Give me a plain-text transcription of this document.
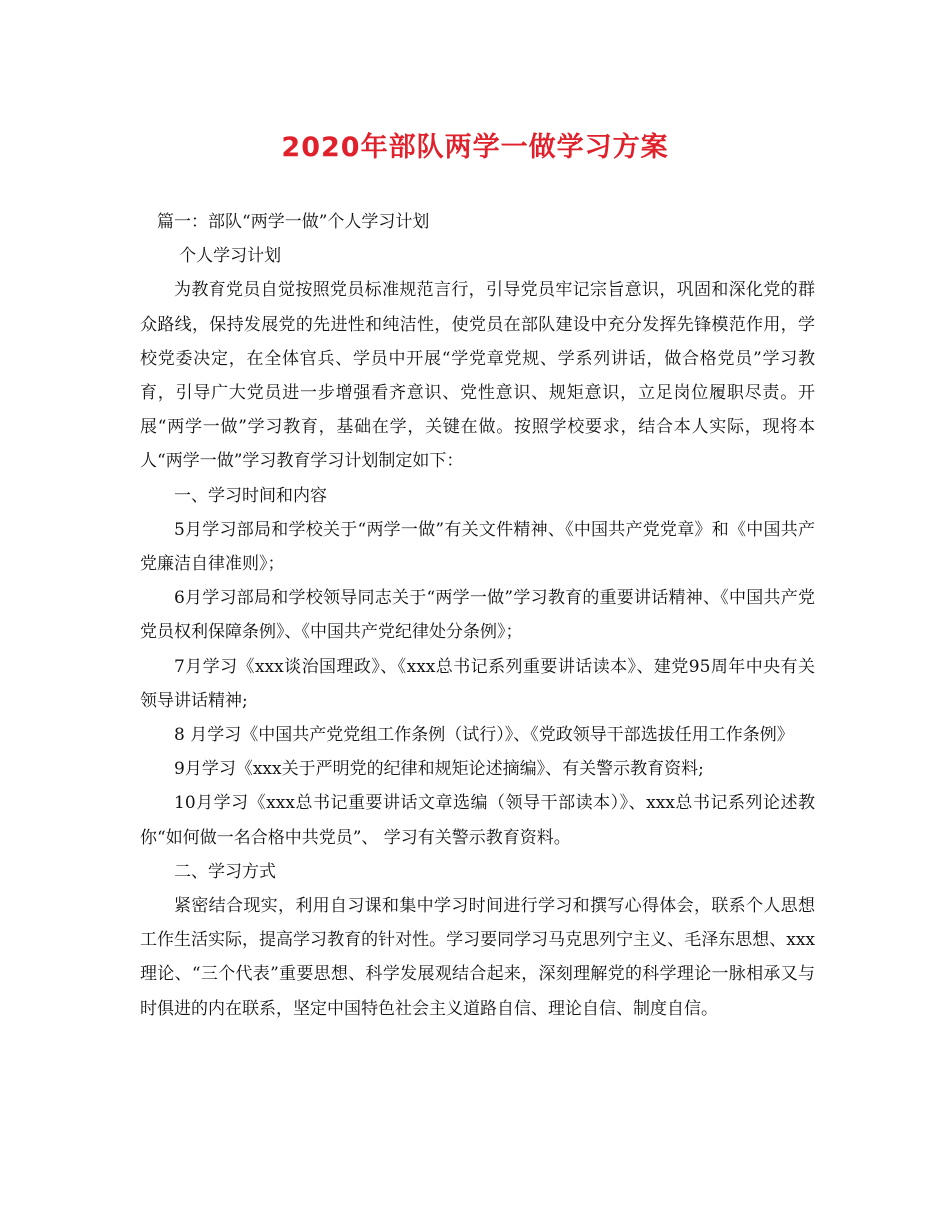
2020年部队两学一做学习方案

篇一：部队“两学一做”个人学习计划

个人学习计划

为教育党员自觉按照党员标准规范言行，引导党员牢记宗旨意识，巩固和深化党的群众路线，保持发展党的先进性和纯洁性，使党员在部队建设中充分发挥先锋模范作用，学校党委决定，在全体官兵、学员中开展“学党章党规、学系列讲话，做合格党员”学习教育，引导广大党员进一步增强看齐意识、党性意识、规矩意识，立足岗位履职尽责。开展“两学一做”学习教育，基础在学，关键在做。按照学校要求，结合本人实际，现将本人“两学一做”学习教育学习计划制定如下：

一、学习时间和内容

5月学习部局和学校关于“两学一做”有关文件精神、《中国共产党党章》和《中国共产党廉洁自律准则》；

6月学习部局和学校领导同志关于“两学一做”学习教育的重要讲话精神、《中国共产党党员权利保障条例》、《中国共产党纪律处分条例》；

7月学习《xxx谈治国理政》、《xxx总书记系列重要讲话读本》、建党95周年中央有关领导讲话精神;

8 月学习《中国共产党党组工作条例（试行）》、《党政领导干部选拔任用工作条例》

9月学习《xxx关于严明党的纪律和规矩论述摘编》、有关警示教育资料;

10月学习《xxx总书记重要讲话文章选编（领导干部读本）》、xxx总书记系列论述教你“如何做一名合格中共党员”、 学习有关警示教育资料。

二、学习方式

紧密结合现实，利用自习课和集中学习时间进行学习和撰写心得体会，联系个人思想工作生活实际，提高学习教育的针对性。学习要同学习马克思列宁主义、毛泽东思想、xxx理论、“三个代表”重要思想、科学发展观结合起来，深刻理解党的科学理论一脉相承又与时俱进的内在联系，坚定中国特色社会主义道路自信、理论自信、制度自信。
